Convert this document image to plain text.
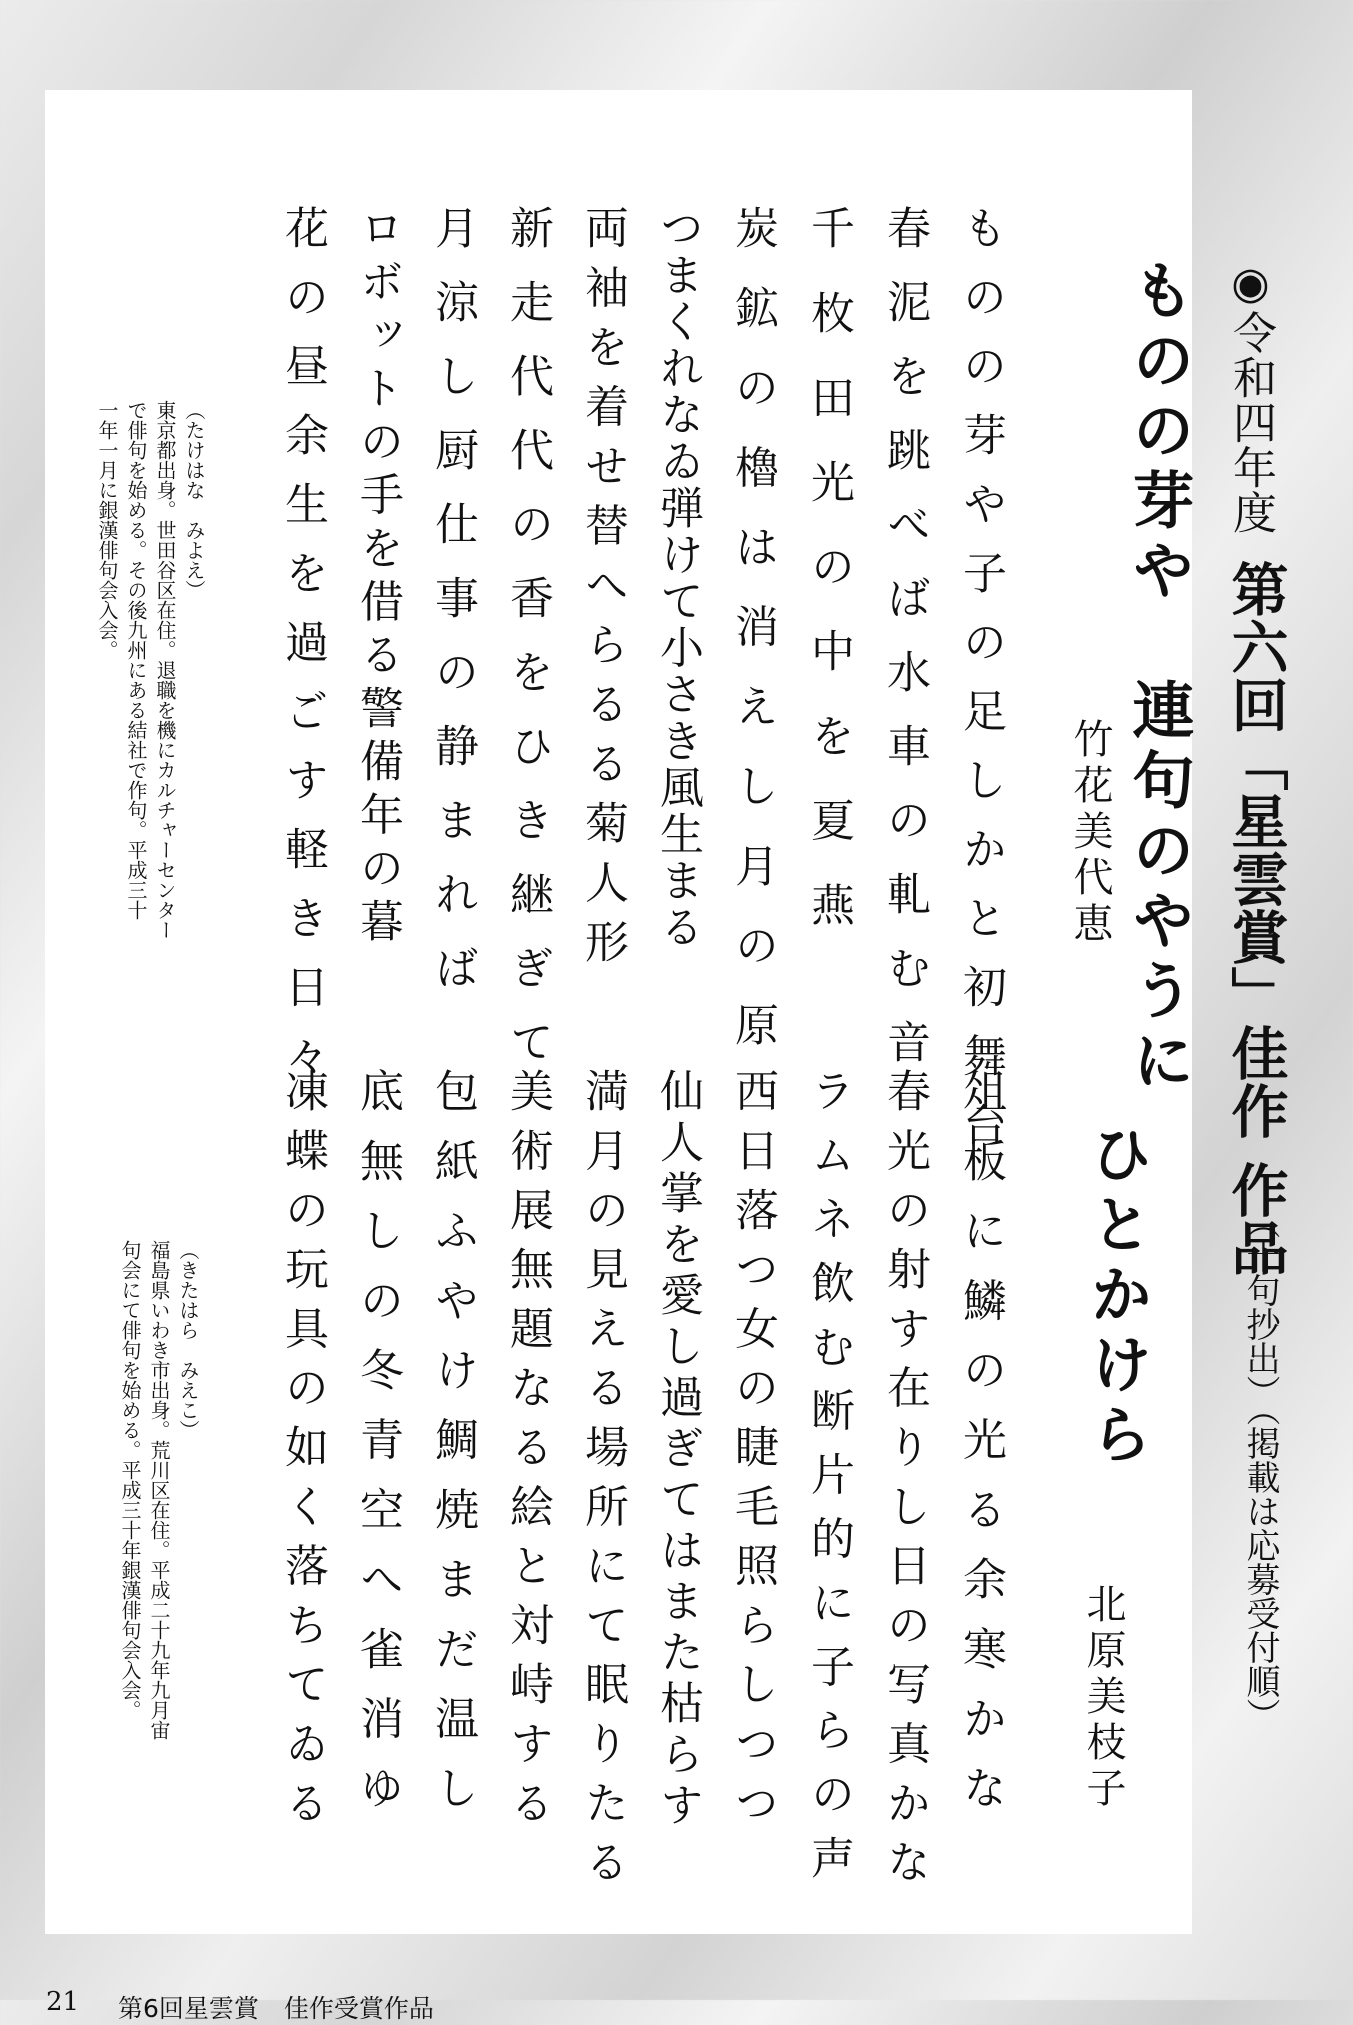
◉令和四年度
第六回「星雲賞」佳作 作品
（十句抄出）（掲載は応募受付順）
ものの芽や　連句のやうに
竹花美代恵
ものの芽や子の足しかと初舞台
春泥を跳べば水車の軋む音
千枚田光の中を夏燕
炭鉱の櫓は消えし月の原
つまくれなゐ弾けて小さき風生まる
両袖を着せ替へらるる菊人形
新走代代の香をひき継ぎて
月涼し厨仕事の静まれば
ロボットの手を借る警備年の暮
花の昼余生を過ごす軽き日々
（たけはな　みよえ）
東京都出身。世田谷区在住。退職を機にカルチャーセンター
で俳句を始める。その後九州にある結社で作句。平成三十
一年一月に銀漢俳句会入会。
ひとかけら
北原美枝子
俎板に鱗の光る余寒かな
春光の射す在りし日の写真かな
ラムネ飲む断片的に子らの声
西日落つ女の睫毛照らしつつ
仙人掌を愛し過ぎてはまた枯らす
満月の見える場所にて眠りたる
美術展無題なる絵と対峙する
包紙ふやけ鯛焼まだ温し
底無しの冬青空へ雀消ゆ
凍蝶の玩具の如く落ちてゐる
（きたはら　みえこ）
福島県いわき市出身。荒川区在住。平成二十九年九月宙
句会にて俳句を始める。平成三十年銀漢俳句会入会。
21 第6回星雲賞　佳作受賞作品
